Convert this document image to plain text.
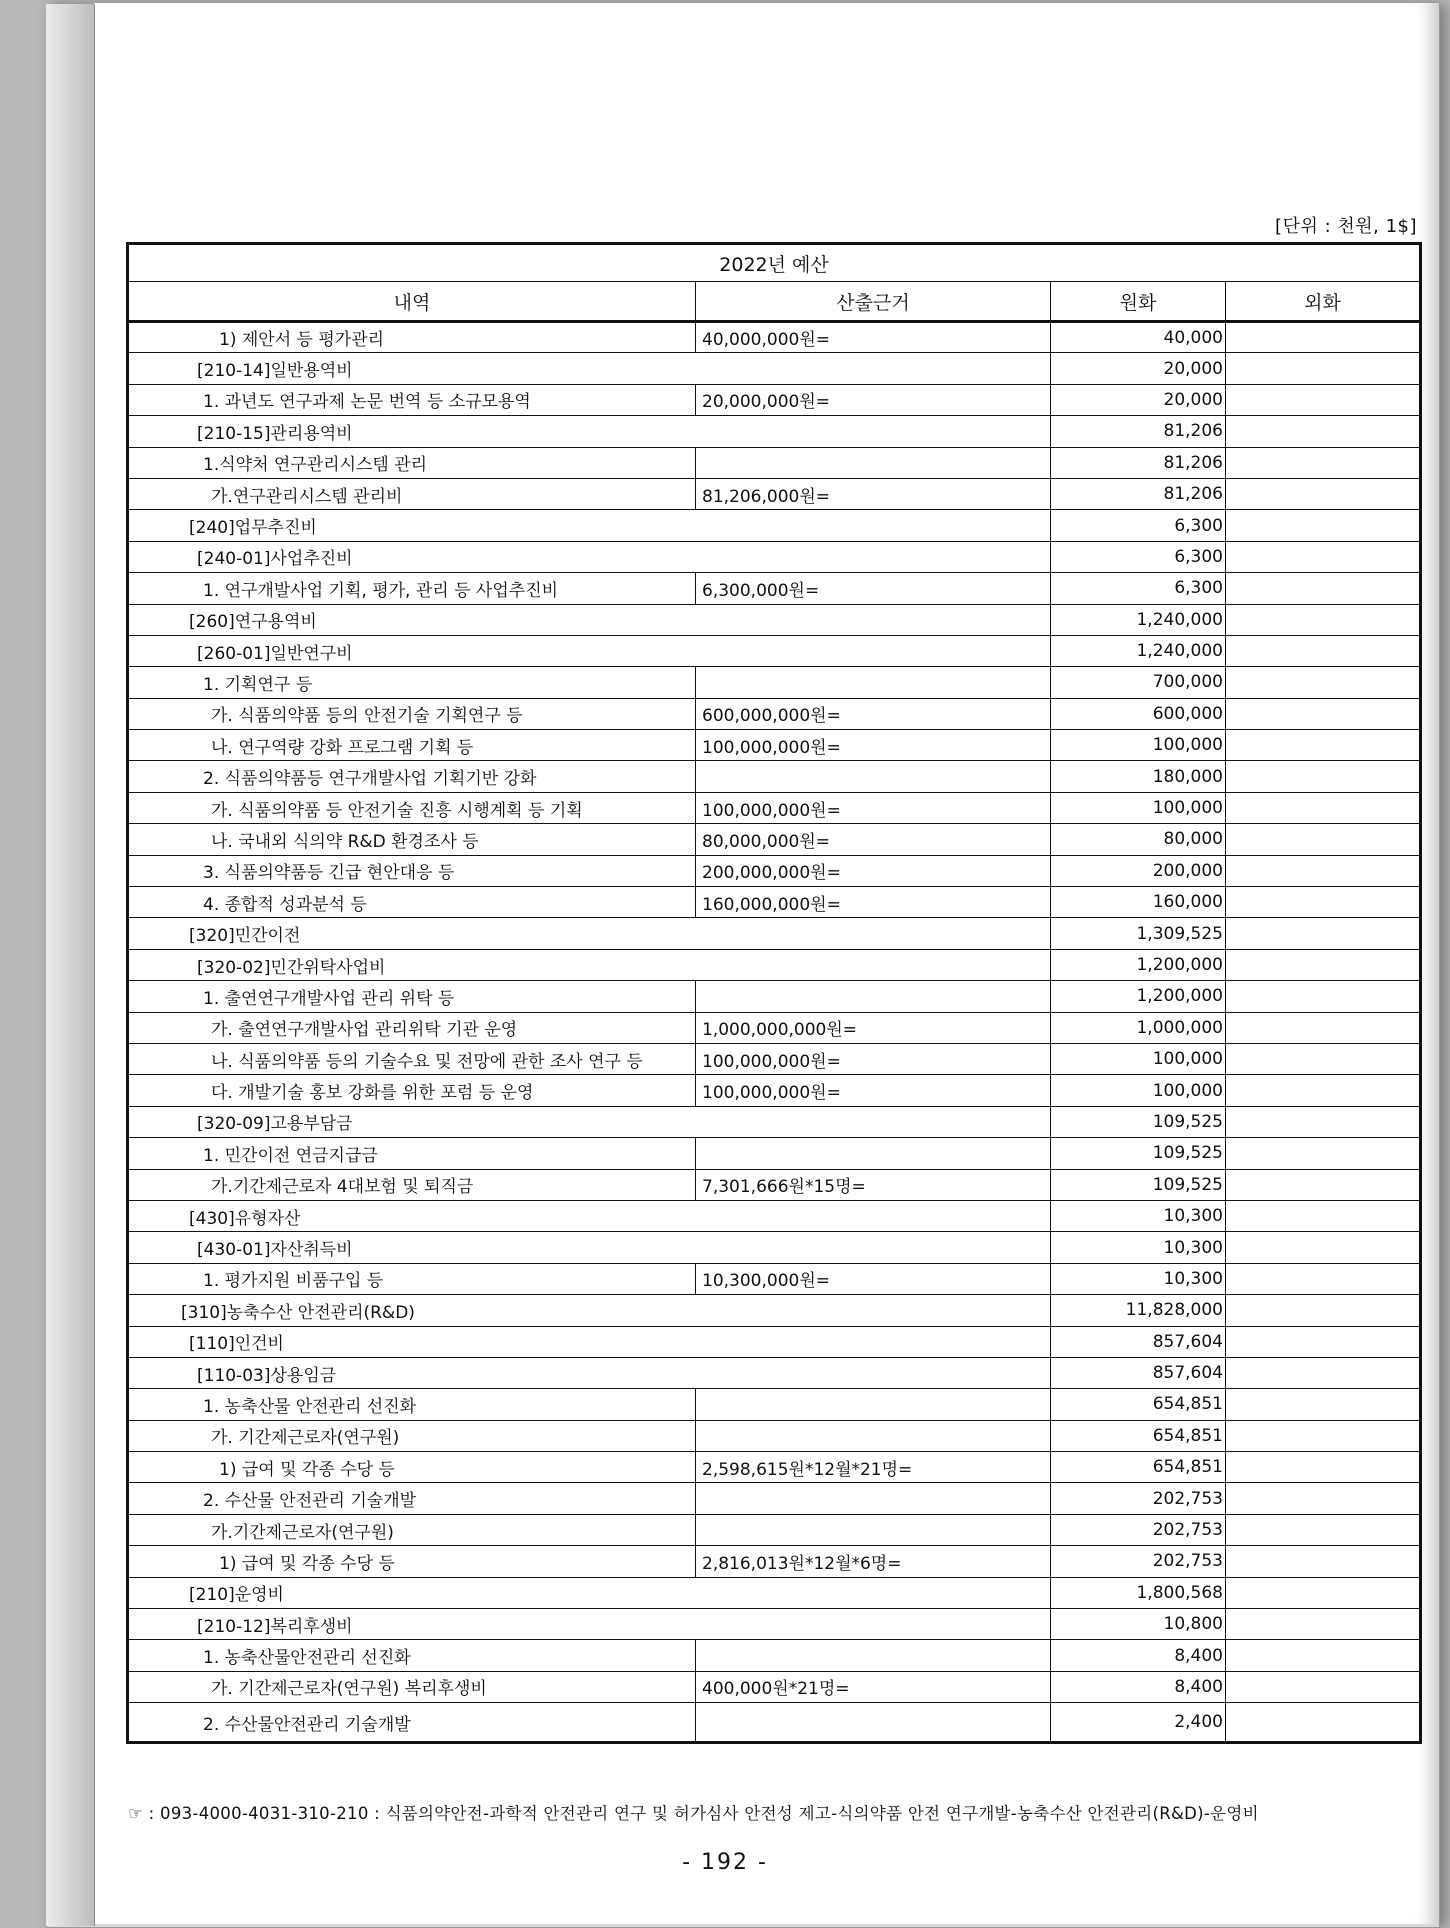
[단위 : 천원, 1$]
2022년 예산			
내역	산출근거	원화	외화
1) 제안서 등 평가관리	40,000,000원=	40,000	
[210-14]일반용역비		20,000	
1. 과년도 연구과제 논문 번역 등 소규모용역	20,000,000원=	20,000	
[210-15]관리용역비		81,206	
1.식약처 연구관리시스템 관리		81,206	
가.연구관리시스템 관리비	81,206,000원=	81,206	
[240]업무추진비		6,300	
[240-01]사업추진비		6,300	
1. 연구개발사업 기획, 평가, 관리 등 사업추진비	6,300,000원=	6,300	
[260]연구용역비		1,240,000	
[260-01]일반연구비		1,240,000	
1. 기획연구 등		700,000	
가. 식품의약품 등의 안전기술 기획연구 등	600,000,000원=	600,000	
나. 연구역량 강화 프로그램 기획 등	100,000,000원=	100,000	
2. 식품의약품등 연구개발사업 기획기반 강화		180,000	
가. 식품의약품 등 안전기술 진흥 시행계획 등 기획	100,000,000원=	100,000	
나. 국내외 식의약 R&D 환경조사 등	80,000,000원=	80,000	
3. 식품의약품등 긴급 현안대응 등	200,000,000원=	200,000	
4. 종합적 성과분석 등	160,000,000원=	160,000	
[320]민간이전		1,309,525	
[320-02]민간위탁사업비		1,200,000	
1. 출연연구개발사업 관리 위탁 등		1,200,000	
가. 출연연구개발사업 관리위탁 기관 운영	1,000,000,000원=	1,000,000	
나. 식품의약품 등의 기술수요 및 전망에 관한 조사 연구 등	100,000,000원=	100,000	
다. 개발기술 홍보 강화를 위한 포럼 등 운영	100,000,000원=	100,000	
[320-09]고용부담금		109,525	
1. 민간이전 연금지급금		109,525	
가.기간제근로자 4대보험 및 퇴직금	7,301,666원*15명=	109,525	
[430]유형자산		10,300	
[430-01]자산취득비		10,300	
1. 평가지원 비품구입 등	10,300,000원=	10,300	
[310]농축수산 안전관리(R&D)		11,828,000	
[110]인건비		857,604	
[110-03]상용임금		857,604	
1. 농축산물 안전관리 선진화		654,851	
가. 기간제근로자(연구원)		654,851	
1) 급여 및 각종 수당 등	2,598,615원*12월*21명=	654,851	
2. 수산물 안전관리 기술개발		202,753	
가.기간제근로자(연구원)		202,753	
1) 급여 및 각종 수당 등	2,816,013원*12월*6명=	202,753	
[210]운영비		1,800,568	
[210-12]복리후생비		10,800	
1. 농축산물안전관리 선진화		8,400	
가. 기간제근로자(연구원) 복리후생비	400,000원*21명=	8,400	
2. 수산물안전관리 기술개발		2,400	
☞ : 093-4000-4031-310-210 : 식품의약안전-과학적 안전관리 연구 및 허가심사 안전성 제고-식의약품 안전 연구개발-농축수산 안전관리(R&D)-운영비
- 192 -
